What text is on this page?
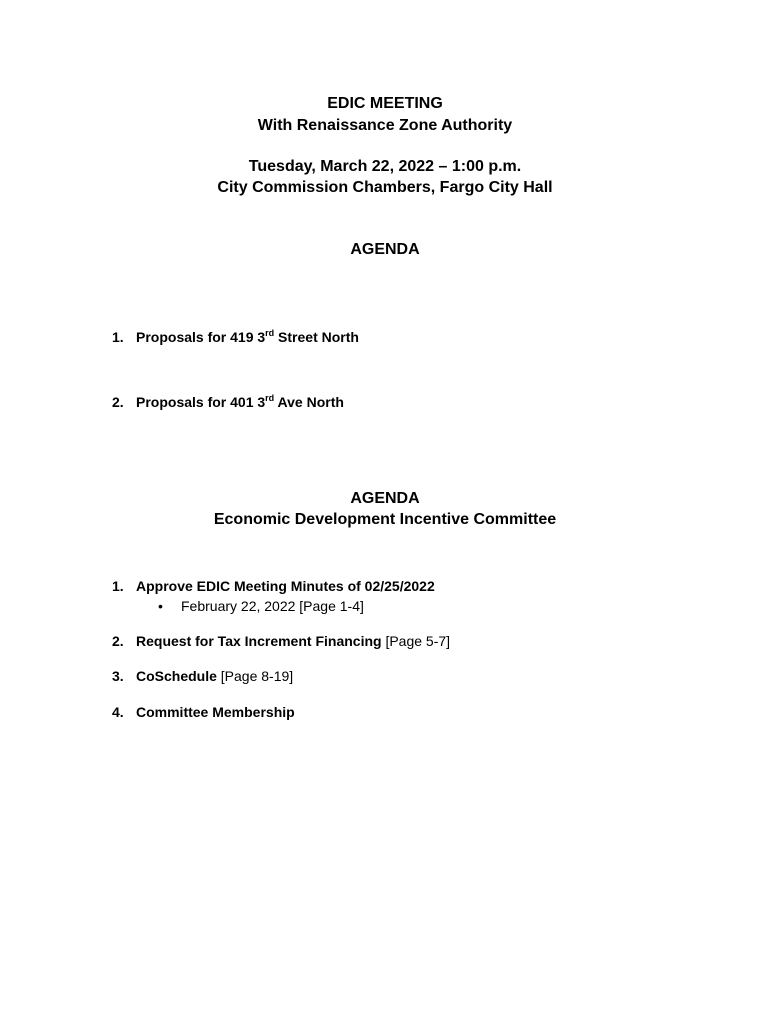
EDIC MEETING
With Renaissance Zone Authority
Tuesday, March 22, 2022 – 1:00 p.m.
City Commission Chambers, Fargo City Hall
AGENDA
1. Proposals for 419 3rd Street North
2. Proposals for 401 3rd Ave North
AGENDA
Economic Development Incentive Committee
1. Approve EDIC Meeting Minutes of 02/25/2022
• February 22, 2022 [Page 1-4]
2. Request for Tax Increment Financing [Page 5-7]
3. CoSchedule [Page 8-19]
4. Committee Membership
